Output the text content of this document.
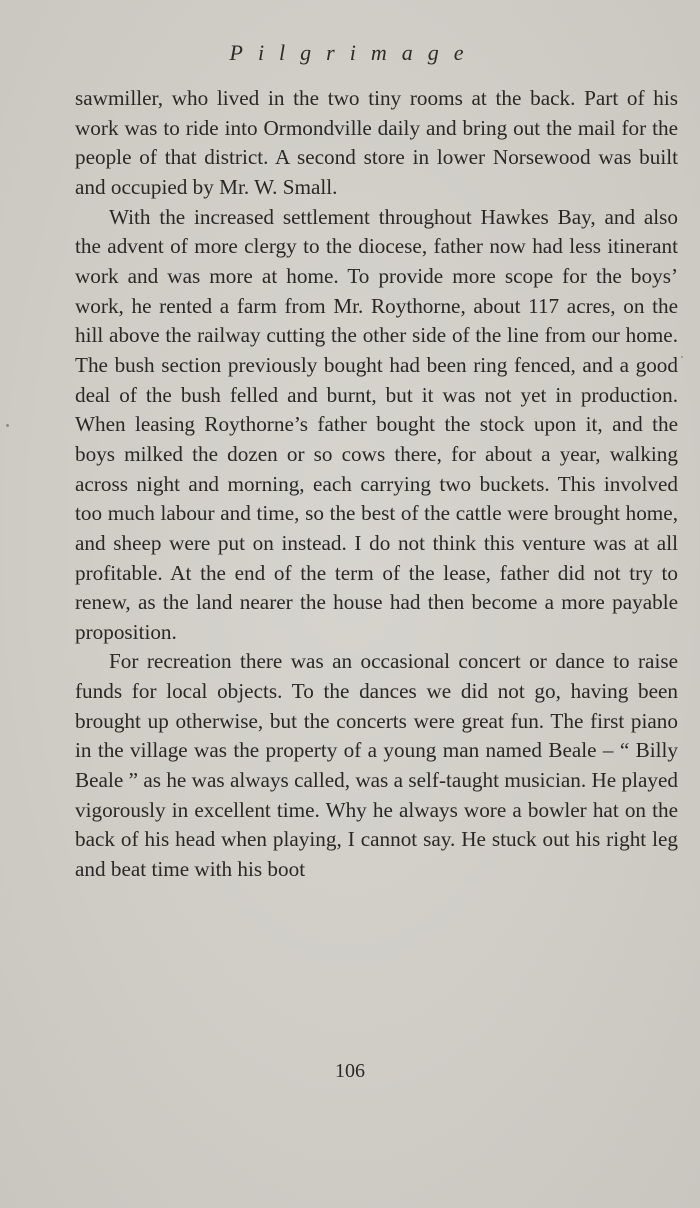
Pilgrimage

sawmiller, who lived in the two tiny rooms at the back. Part of his work was to ride into Ormondville daily and bring out the mail for the people of that district. A second store in lower Norsewood was built and occupied by Mr. W. Small.

With the increased settlement throughout Hawkes Bay, and also the advent of more clergy to the diocese, father now had less itinerant work and was more at home. To provide more scope for the boys’ work, he rented a farm from Mr. Roythorne, about 117 acres, on the hill above the railway cutting the other side of the line from our home. The bush section previously bought had been ring fenced, and a good deal of the bush felled and burnt, but it was not yet in production. When leasing Roythorne’s father bought the stock upon it, and the boys milked the dozen or so cows there, for about a year, walking across night and morning, each carrying two buckets. This involved too much labour and time, so the best of the cattle were brought home, and sheep were put on instead. I do not think this venture was at all profitable. At the end of the term of the lease, father did not try to renew, as the land nearer the house had then become a more payable proposition.

For recreation there was an occasional concert or dance to raise funds for local objects. To the dances we did not go, having been brought up otherwise, but the concerts were great fun. The first piano in the village was the property of a young man named Beale – “ Billy Beale ” as he was always called, was a self-taught musician. He played vigorously in excellent time. Why he always wore a bowler hat on the back of his head when playing, I cannot say. He stuck out his right leg and beat time with his boot

106
